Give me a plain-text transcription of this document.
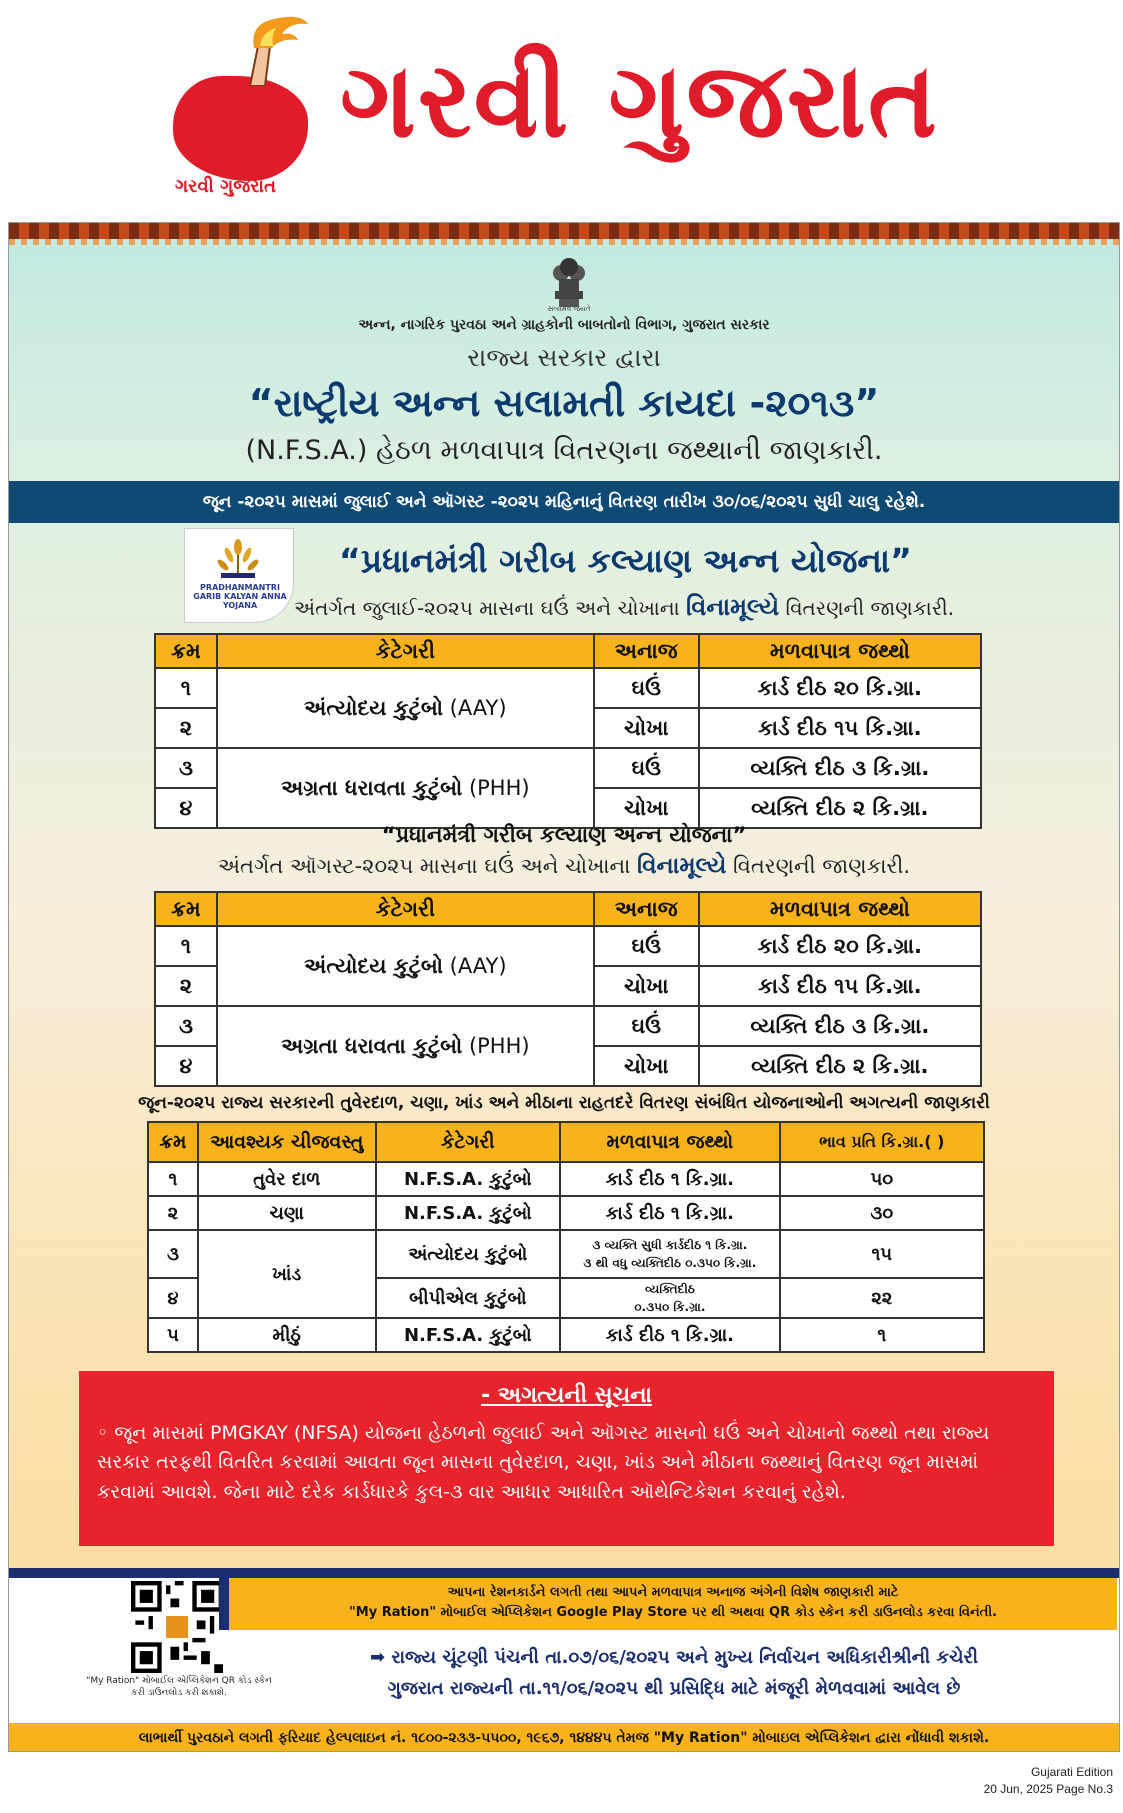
ગરવી ગુજરાત
ગરવી ગુજરાત
સત્યમેવ જયતે
અન્ન, નાગરિક પુરવઠા અને ગ્રાહકોની બાબતોનો વિભાગ, ગુજરાત સરકાર
રાજ્ય સરકાર દ્વારા
“રાષ્ટ્રીય અન્ન સલામતી કાયદા -૨૦૧૩”
(N.F.S.A.) હેઠળ મળવાપાત્ર વિતરણના જથ્થાની જાણકારી.
જૂન -૨૦૨૫ માસમાં જુલાઈ અને ઑગસ્ટ -૨૦૨૫ મહિનાનું વિતરણ તારીખ ૩૦/૦૬/૨૦૨૫ સુધી ચાલુ રહેશે.
PRADHANMANTRI GARIB KALYAN ANNA YOJANA
“પ્રધાનમંત્રી ગરીબ કલ્યાણ અન્ન યોજના”
અંતર્ગત જુલાઈ-૨૦૨૫ માસના ઘઉં અને ચોખાના વિનામૂલ્યે વિતરણની જાણકારી.
ક્રમ	કેટેગરી	અનાજ	મળવાપાત્ર જથ્થો
૧	અંત્યોદય કુટુંબો (AAY)	ઘઉં	કાર્ડ દીઠ ૨૦ કિ.ગ્રા.
૨		ચોખા	કાર્ડ દીઠ ૧૫ કિ.ગ્રા.
૩	અગ્રતા ધરાવતા કુટુંબો (PHH)	ઘઉં	વ્યક્તિ દીઠ ૩ કિ.ગ્રા.
૪		ચોખા	વ્યક્તિ દીઠ ૨ કિ.ગ્રા.
“પ્રધાનમંત્રી ગરીબ કલ્યાણ અન્ન યોજના”
અંતર્ગત ઑગસ્ટ-૨૦૨૫ માસના ઘઉં અને ચોખાના વિનામૂલ્યે વિતરણની જાણકારી.
ક્રમ	કેટેગરી	અનાજ	મળવાપાત્ર જથ્થો
૧	અંત્યોદય કુટુંબો (AAY)	ઘઉં	કાર્ડ દીઠ ૨૦ કિ.ગ્રા.
૨		ચોખા	કાર્ડ દીઠ ૧૫ કિ.ગ્રા.
૩	અગ્રતા ધરાવતા કુટુંબો (PHH)	ઘઉં	વ્યક્તિ દીઠ ૩ કિ.ગ્રા.
૪		ચોખા	વ્યક્તિ દીઠ ૨ કિ.ગ્રા.
જૂન-૨૦૨૫ રાજ્ય સરકારની તુવેરદાળ, ચણા, ખાંડ અને મીઠાના રાહતદરે વિતરણ સંબંધિત યોજનાઓની અગત્યની જાણકારી
ક્રમ	આવશ્યક ચીજવસ્તુ	કેટેગરી	મળવાપાત્ર જથ્થો	ભાવ પ્રતિ કિ.ગ્રા.( )
૧	તુવેર દાળ	N.F.S.A. કુટુંબો	કાર્ડ દીઠ ૧ કિ.ગ્રા.	૫૦
૨	ચણા	N.F.S.A. કુટુંબો	કાર્ડ દીઠ ૧ કિ.ગ્રા.	૩૦
૩	ખાંડ	અંત્યોદય કુટુંબો	૩ વ્યક્તિ સુધી કાર્ડદીઠ ૧ કિ.ગ્રા.
૩ થી વધુ વ્યક્તિદીઠ ૦.૩૫૦ કિ.ગ્રા.	૧૫
૪		બીપીએલ કુટુંબો	વ્યક્તિદીઠ
૦.૩૫૦ કિ.ગ્રા.	૨૨
૫	મીઠું	N.F.S.A. કુટુંબો	કાર્ડ દીઠ ૧ કિ.ગ્રા.	૧
- અગત્યની સૂચના
◦ જૂન માસમાં PMGKAY (NFSA) યોજના હેઠળનો જુલાઈ અને ઑગસ્ટ માસનો ઘઉં અને ચોખાનો જથ્થો તથા રાજ્ય સરકાર તરફથી વિતરિત કરવામાં આવતા જૂન માસના તુવેરદાળ, ચણા, ખાંડ અને મીઠાના જથ્થાનું વિતરણ જૂન માસમાં કરવામાં આવશે. જેના માટે દરેક કાર્ડધારકે કુલ-૩ વાર આધાર આધારિત ઑથેન્ટિકેશન કરવાનું રહેશે.
"My Ration" મોબાઈલ એપ્લિકેશન QR કોડ સ્કેન કરી ડાઉનલોડ કરી શકાશે.
આપના રેશનકાર્ડને લગતી તથા આપને મળવાપાત્ર અનાજ અંગેની વિશેષ જાણકારી માટે
"My Ration" મોબાઈલ એપ્લિકેશન Google Play Store પર થી અથવા QR કોડ સ્કેન કરી ડાઉનલોડ કરવા વિનંતી.
➡ રાજ્ય ચૂંટણી પંચની તા.૦૭/૦૬/૨૦૨૫ અને મુખ્ય નિર્વાચન અધિકારીશ્રીની કચેરી
ગુજરાત રાજ્યની તા.૧૧/૦૬/૨૦૨૫ થી પ્રસિદ્ધિ માટે મંજૂરી મેળવવામાં આવેલ છે
લાભાર્થી પુરવઠાને લગતી ફરિયાદ હેલ્પલાઇન નં. ૧૮૦૦-૨૩૩-૫૫૦૦, ૧૯૬૭, ૧૪૪૪૫ તેમજ "My Ration" મોબાઇલ એપ્લિકેશન દ્વારા નોંધાવી શકાશે.
Gujarati Edition
20 Jun, 2025 Page No.3
